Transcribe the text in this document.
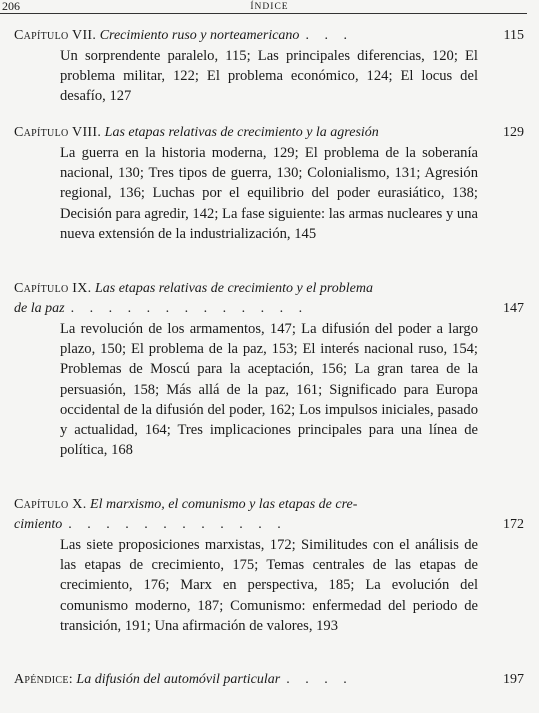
206	ÍNDICE
Capítulo VII. Crecimiento ruso y norteamericano . . .	115
Un sorprendente paralelo, 115; Las principales diferencias, 120; El problema militar, 122; El problema económico, 124; El locus del desafío, 127
Capítulo VIII. Las etapas relativas de crecimiento y la agresión	129
La guerra en la historia moderna, 129; El problema de la soberanía nacional, 130; Tres tipos de guerra, 130; Colonialismo, 131; Agresión regional, 136; Luchas por el equilibrio del poder eurasiático, 138; Decisión para agredir, 142; La fase siguiente: las armas nucleares y una nueva extensión de la industrialización, 145
Capítulo IX. Las etapas relativas de crecimiento y el problema
de la paz . . . . . . . . . . . . .	147
La revolución de los armamentos, 147; La difusión del poder a largo plazo, 150; El problema de la paz, 153; El interés nacional ruso, 154; Problemas de Moscú para la aceptación, 156; La gran tarea de la persuasión, 158; Más allá de la paz, 161; Significado para Europa occidental de la difusión del poder, 162; Los impulsos iniciales, pasado y actualidad, 164; Tres implicaciones principales para una línea de política, 168
Capítulo X. El marxismo, el comunismo y las etapas de cre-
cimiento . . . . . . . . . . . .	172
Las siete proposiciones marxistas, 172; Similitudes con el análisis de las etapas de crecimiento, 175; Temas centrales de las etapas de crecimiento, 176; Marx en perspectiva, 185; La evolución del comunismo moderno, 187; Comunismo: enfermedad del periodo de transición, 191; Una afirmación de valores, 193
Apéndice: La difusión del automóvil particular . . . .	197
